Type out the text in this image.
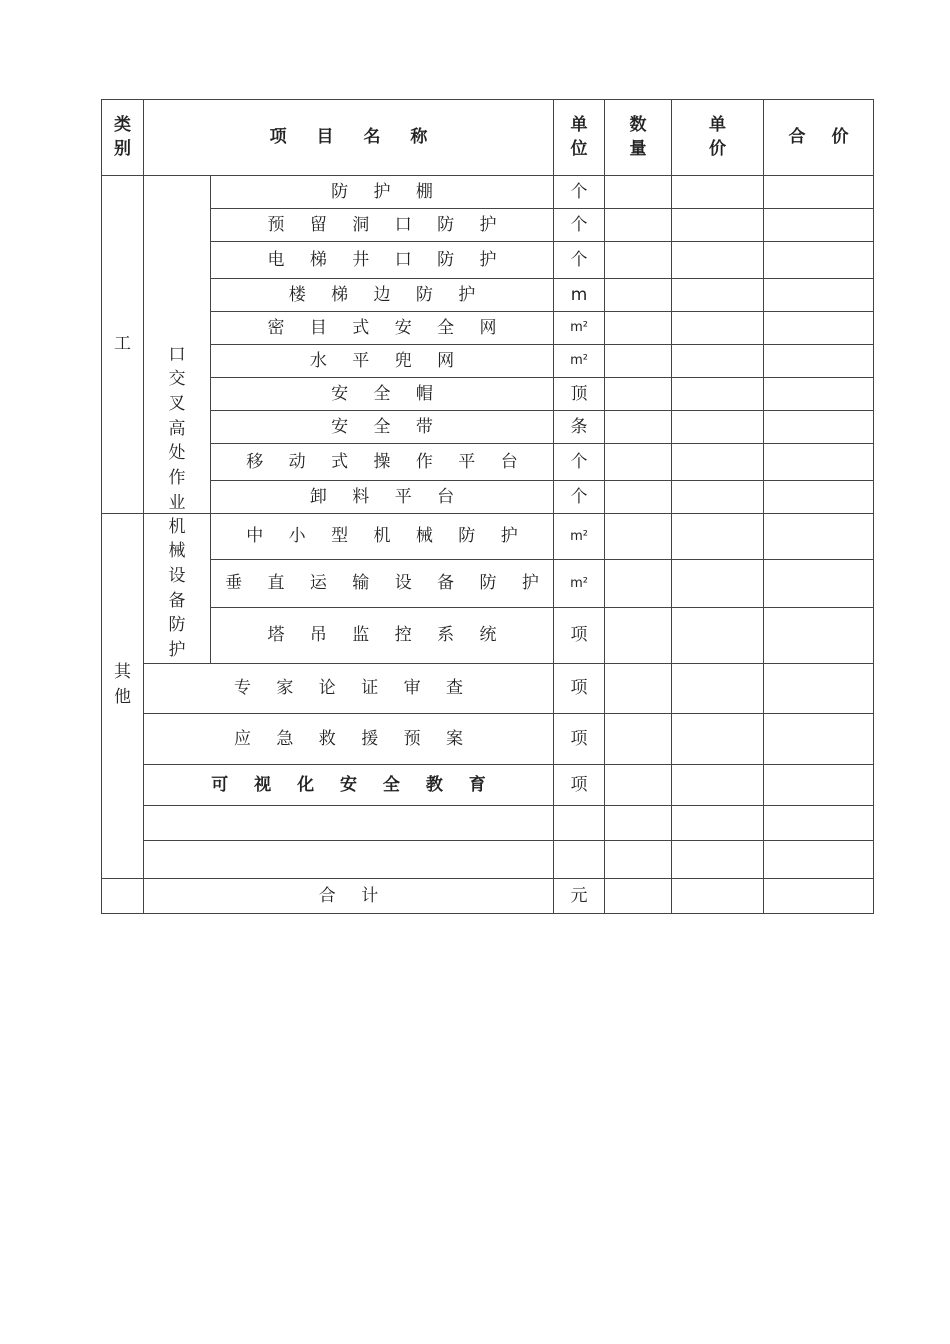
类别	项 目 名 称		单位	数量	单价	合 价
工	口交叉高处作业	防 护 棚	个			
		预 留 洞 口 防 护	个			
		电 梯 井 口 防 护	个			
		楼 梯 边 防 护	m			
		密 目 式 安 全 网	m²			
		水 平 兜 网	m²			
		安 全 帽	顶			
		安 全 带	条			
		移 动 式 操 作 平 台	个			
		卸 料 平 台	个			
其他	机械设备防护	中 小 型 机 械 防 护	m²			
		垂 直 运 输 设 备 防 护	m²			
		塔 吊 监 控 系 统	项			
	专 家 论 证 审 查		项			
	应 急 救 援 预 案		项			
	可 视 化 安 全 教 育		项			

	合 计		元			
